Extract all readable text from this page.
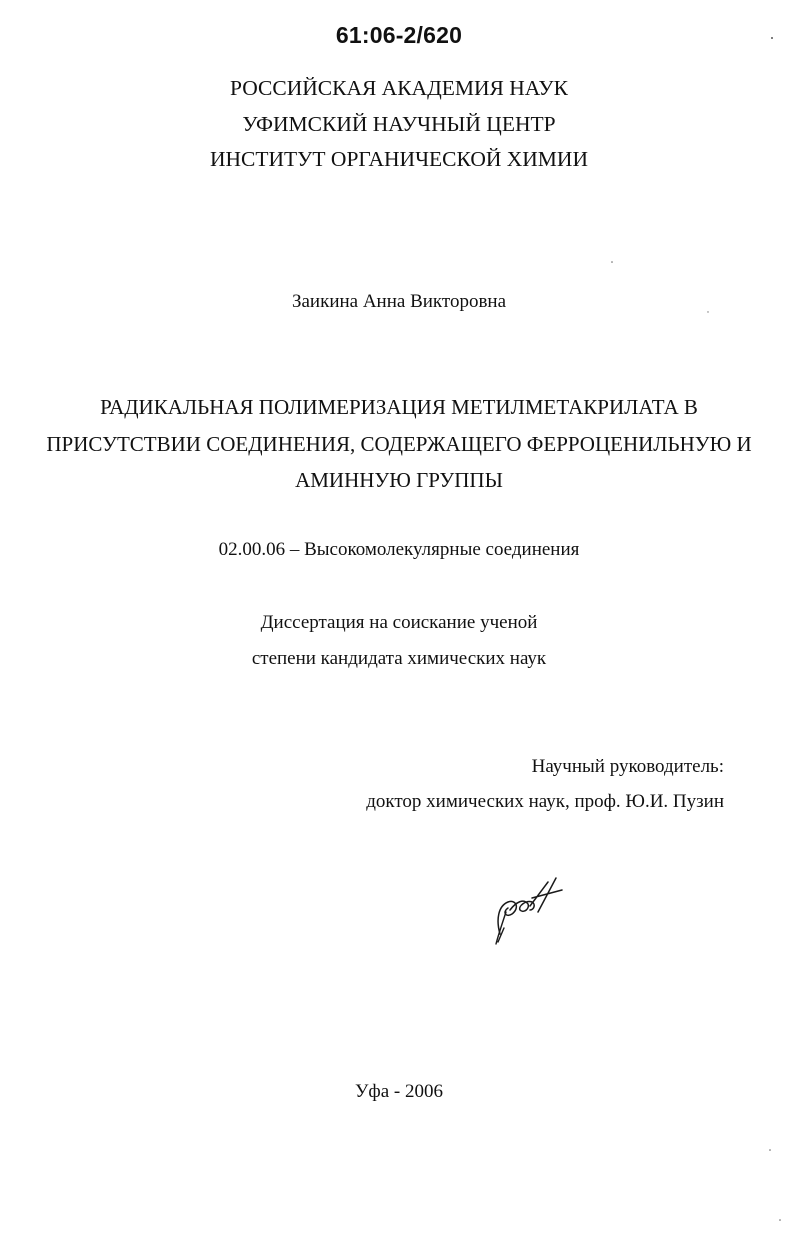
61:06-2/620
РОССИЙСКАЯ АКАДЕМИЯ НАУК
УФИМСКИЙ НАУЧНЫЙ ЦЕНТР
ИНСТИТУТ ОРГАНИЧЕСКОЙ ХИМИИ
Заикина Анна Викторовна
РАДИКАЛЬНАЯ ПОЛИМЕРИЗАЦИЯ МЕТИЛМЕТАКРИЛАТА В
ПРИСУТСТВИИ СОЕДИНЕНИЯ, СОДЕРЖАЩЕГО ФЕРРОЦЕНИЛЬНУЮ И
АМИННУЮ ГРУППЫ
02.00.06 – Высокомолекулярные соединения
Диссертация на соискание ученой
степени кандидата химических наук
Научный руководитель:
доктор химических наук, проф. Ю.И. Пузин
Уфа - 2006
